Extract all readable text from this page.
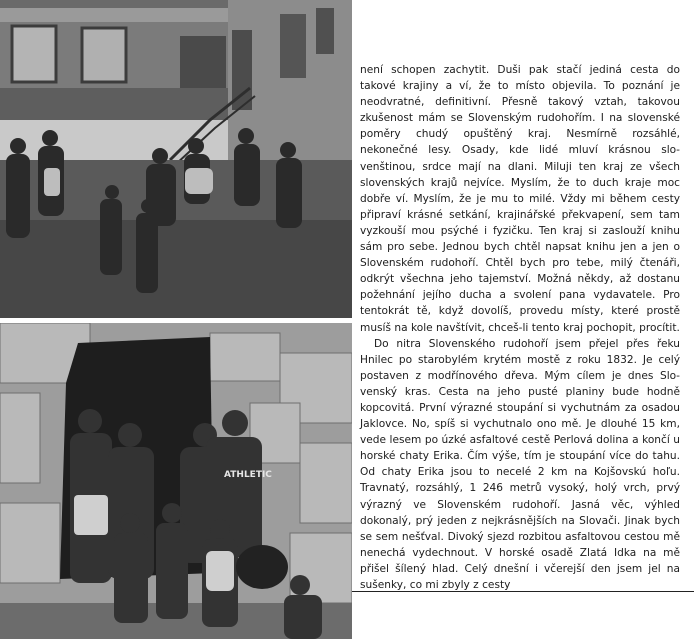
ATHLETIC

není schopen zachytit. Duši pak stačí jediná cesta do takové krajiny a ví, že to místo objevila. To poznání je neodvratné, definitivní. Přesně takový vztah, takovou zkušenost mám se Slovenským rudohořím. I na slovenské poměry chudý opuštěný kraj. Nesmírně rozsáhlé, nekonečné lesy. Osady, kde lidé mluví krásnou slovenštinou, srdce mají na dlani. Miluji ten kraj ze všech slovenských krajů nejvíce. Myslím, že to duch kraje moc dobře ví. Myslím, že je mu to milé. Vždy mi během cesty připraví krásné setkání, krajinářské překvapení, sem tam vyzkouší mou psýché i fyzičku. Ten kraj si zaslouží knihu sám pro sebe. Jednou bych chtěl napsat knihu jen a jen o Slovenském rudohoří. Chtěl bych pro tebe, milý čtenáři, odkrýt všechna jeho tajemství. Možná někdy, až dostanu požehnání jejího ducha a svolení pana vydavatele. Pro tentokrát tě, když dovolíš, provedu místy, které prostě musíš na kole navštívit, chceš-li tento kraj pochopit, procítit.

Do nitra Slovenského rudohoří jsem přejel přes řeku Hnilec po starobylém krytém mostě z roku 1832. Je celý postaven z modřínového dřeva. Mým cílem je dnes Slovenský kras. Cesta na jeho pusté planiny bude hodně kopcovitá. První výrazné stoupání si vychutnám za osadou Jaklovce. No, spíš si vychutnalo ono mě. Je dlouhé 15 km, vede lesem po úzké asfaltové cestě Perlová dolina a končí u horské chaty Erika. Čím výše, tím je stoupání více do tahu. Od chaty Erika jsou to necelé 2 km na Kojšovskú hoľu. Travnatý, rozsáhlý, 1 246 metrů vysoký, holý vrch, prvý výrazný ve Slovenském rudohoří. Jasná věc, výhled dokonalý, prý jeden z nejkrásnějších na Slovači. Jinak bych se sem nešťval. Divoký sjezd rozbitou asfaltovou cestou mě nenechá vydechnout. V horské osadě Zlatá Idka na mě přišel šílený hlad. Celý dnešní i včerejší den jsem jel na sušenky, co mi zbyly z cesty
